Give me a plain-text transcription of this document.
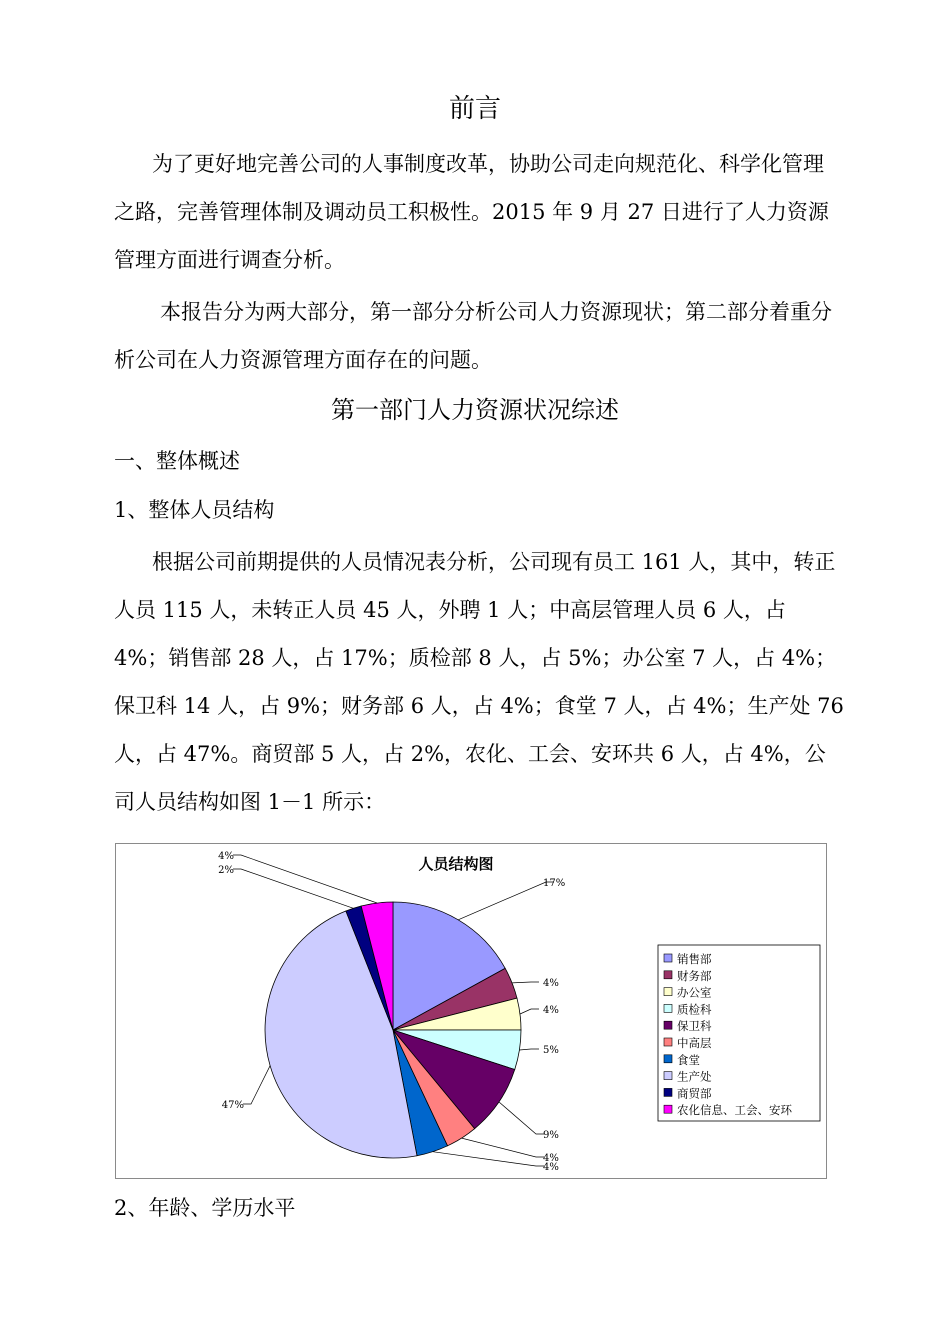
前言
为了更好地完善公司的人事制度改革，协助公司走向规范化、科学化管理之路，完善管理体制及调动员工积极性。2015 年 9 月 27 日进行了人力资源管理方面进行调查分析。
本报告分为两大部分，第一部分分析公司人力资源现状；第二部分着重分析公司在人力资源管理方面存在的问题。
第一部门人力资源状况综述
一、整体概述
1、整体人员结构
根据公司前期提供的人员情况表分析，公司现有员工 161 人，其中，转正人员 115 人，未转正人员 45 人，外聘 1 人；中高层管理人员 6 人，占 4%；销售部 28 人，占 17%；质检部 8 人，占 5%；办公室 7 人，占 4%；保卫科 14 人，占 9%；财务部 6 人，占 4%；食堂 7 人，占 4%；生产处 76 人，占 47%。商贸部 5 人，占 2%，农化、工会、安环共 6 人，占 4%，公司人员结构如图 1－1 所示：
人员结构图
17%
4%
4%
5%
9%
4%
4%
47%
2%
4%
销售部
财务部
办公室
质检科
保卫科
中高层
食堂
生产处
商贸部
农化信息、工会、安环
2、年龄、学历水平
